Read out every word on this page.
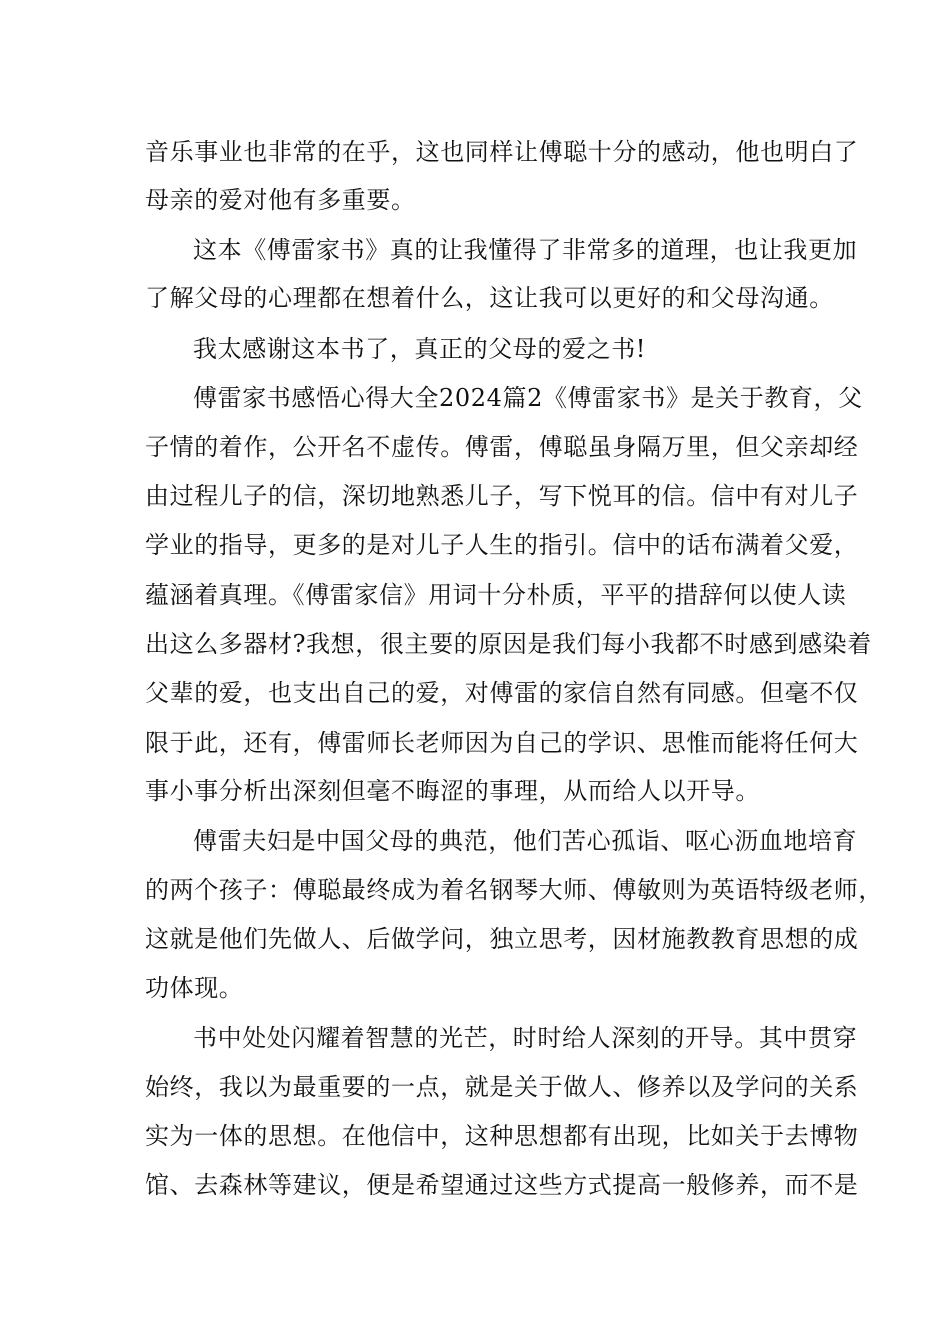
音乐事业也非常的在乎，这也同样让傅聪十分的感动，他也明白了
母亲的爱对他有多重要。
这本《傅雷家书》真的让我懂得了非常多的道理，也让我更加
了解父母的心理都在想着什么，这让我可以更好的和父母沟通。
我太感谢这本书了，真正的父母的爱之书!
傅雷家书感悟心得大全2024篇2《傅雷家书》是关于教育，父
子情的着作，公开名不虚传。傅雷，傅聪虽身隔万里，但父亲却经
由过程儿子的信，深切地熟悉儿子，写下悦耳的信。信中有对儿子
学业的指导，更多的是对儿子人生的指引。信中的话布满着父爱，
蕴涵着真理。《傅雷家信》用词十分朴质，平平的措辞何以使人读
出这么多器材?我想，很主要的原因是我们每小我都不时感到感染着
父辈的爱，也支出自己的爱，对傅雷的家信自然有同感。但毫不仅
限于此，还有，傅雷师长老师因为自己的学识、思惟而能将任何大
事小事分析出深刻但毫不晦涩的事理，从而给人以开导。
傅雷夫妇是中国父母的典范，他们苦心孤诣、呕心沥血地培育
的两个孩子：傅聪最终成为着名钢琴大师、傅敏则为英语特级老师，
这就是他们先做人、后做学问，独立思考，因材施教教育思想的成
功体现。
书中处处闪耀着智慧的光芒，时时给人深刻的开导。其中贯穿
始终，我以为最重要的一点，就是关于做人、修养以及学问的关系
实为一体的思想。在他信中，这种思想都有出现，比如关于去博物
馆、去森林等建议，便是希望通过这些方式提高一般修养，而不是
